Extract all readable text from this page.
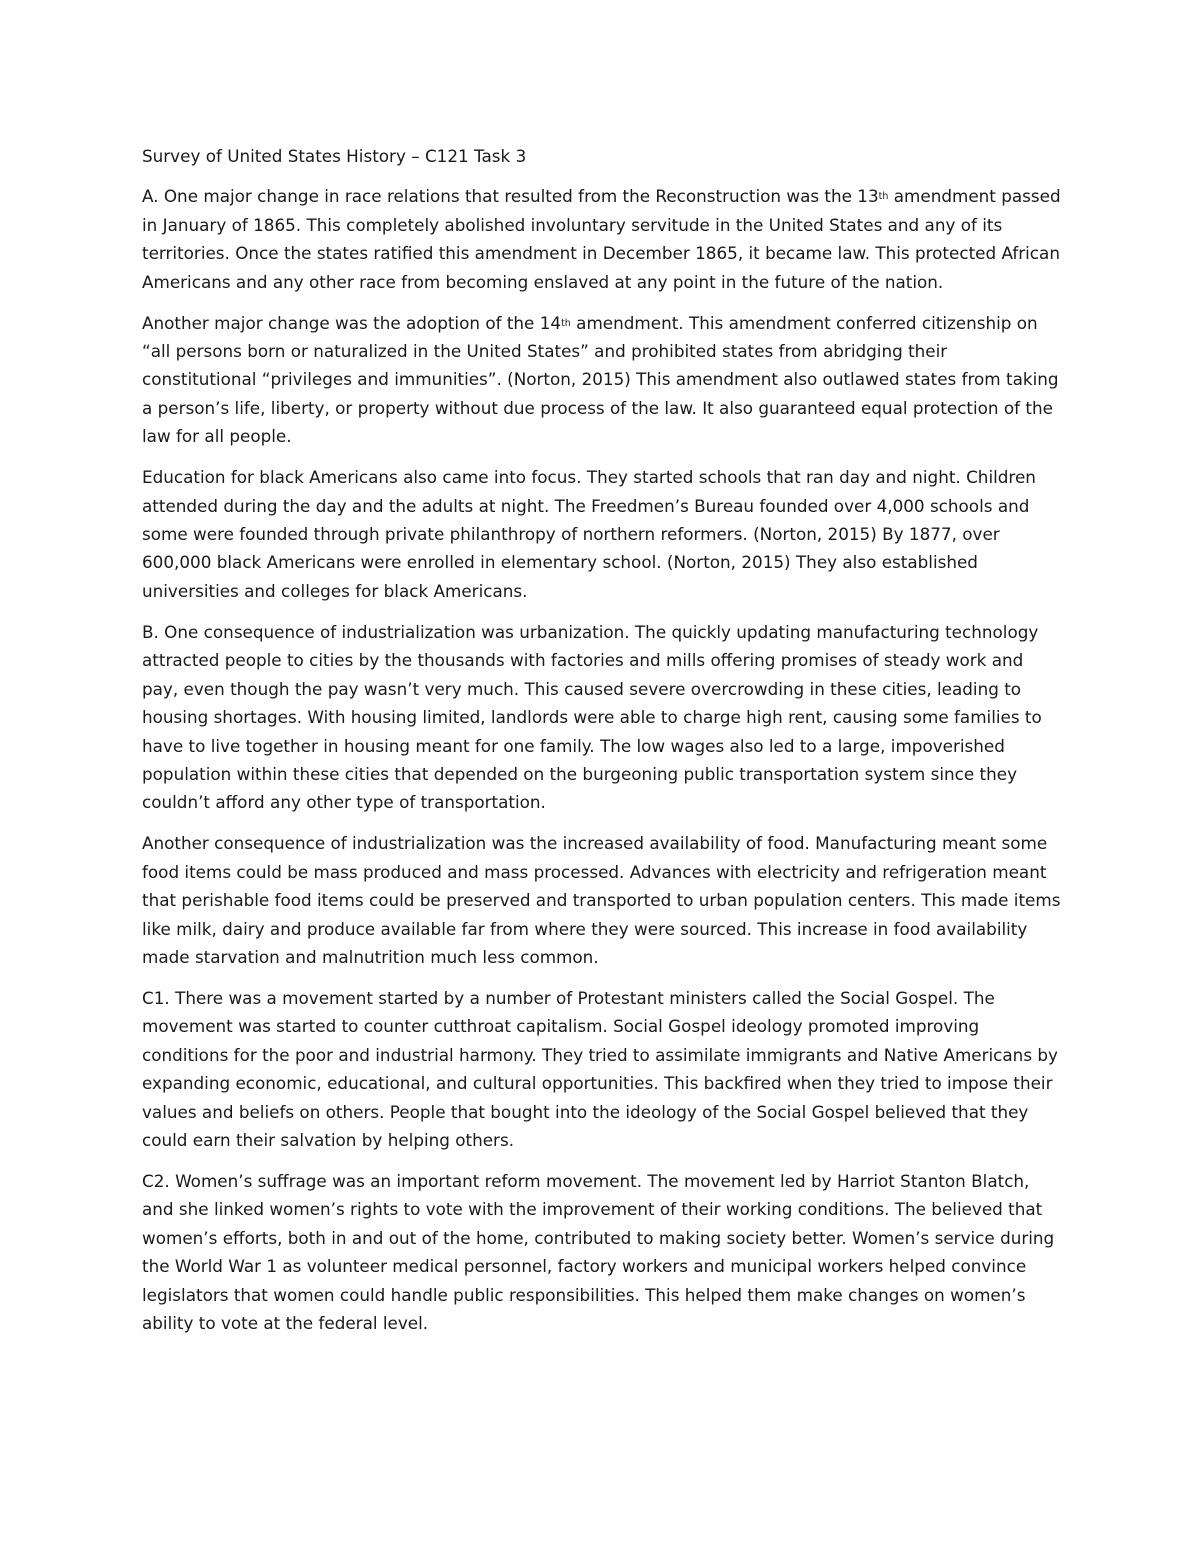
Survey of United States History – C121 Task 3

A. One major change in race relations that resulted from the Reconstruction was the 13th amendment passed in January of 1865. This completely abolished involuntary servitude in the United States and any of its territories. Once the states ratified this amendment in December 1865, it became law. This protected African Americans and any other race from becoming enslaved at any point in the future of the nation.

Another major change was the adoption of the 14th amendment. This amendment conferred citizenship on “all persons born or naturalized in the United States” and prohibited states from abridging their constitutional “privileges and immunities”. (Norton, 2015) This amendment also outlawed states from taking a person’s life, liberty, or property without due process of the law. It also guaranteed equal protection of the law for all people.

Education for black Americans also came into focus. They started schools that ran day and night. Children attended during the day and the adults at night. The Freedmen’s Bureau founded over 4,000 schools and some were founded through private philanthropy of northern reformers. (Norton, 2015) By 1877, over 600,000 black Americans were enrolled in elementary school. (Norton, 2015) They also established universities and colleges for black Americans.

B. One consequence of industrialization was urbanization. The quickly updating manufacturing technology attracted people to cities by the thousands with factories and mills offering promises of steady work and pay, even though the pay wasn’t very much. This caused severe overcrowding in these cities, leading to housing shortages. With housing limited, landlords were able to charge high rent, causing some families to have to live together in housing meant for one family. The low wages also led to a large, impoverished population within these cities that depended on the burgeoning public transportation system since they couldn’t afford any other type of transportation.

Another consequence of industrialization was the increased availability of food. Manufacturing meant some food items could be mass produced and mass processed. Advances with electricity and refrigeration meant that perishable food items could be preserved and transported to urban population centers. This made items like milk, dairy and produce available far from where they were sourced. This increase in food availability made starvation and malnutrition much less common.

C1. There was a movement started by a number of Protestant ministers called the Social Gospel. The movement was started to counter cutthroat capitalism. Social Gospel ideology promoted improving conditions for the poor and industrial harmony. They tried to assimilate immigrants and Native Americans by expanding economic, educational, and cultural opportunities. This backfired when they tried to impose their values and beliefs on others. People that bought into the ideology of the Social Gospel believed that they could earn their salvation by helping others.

C2. Women’s suffrage was an important reform movement. The movement led by Harriot Stanton Blatch, and she linked women’s rights to vote with the improvement of their working conditions. The believed that women’s efforts, both in and out of the home, contributed to making society better. Women’s service during the World War 1 as volunteer medical personnel, factory workers and municipal workers helped convince legislators that women could handle public responsibilities. This helped them make changes on women’s ability to vote at the federal level.
